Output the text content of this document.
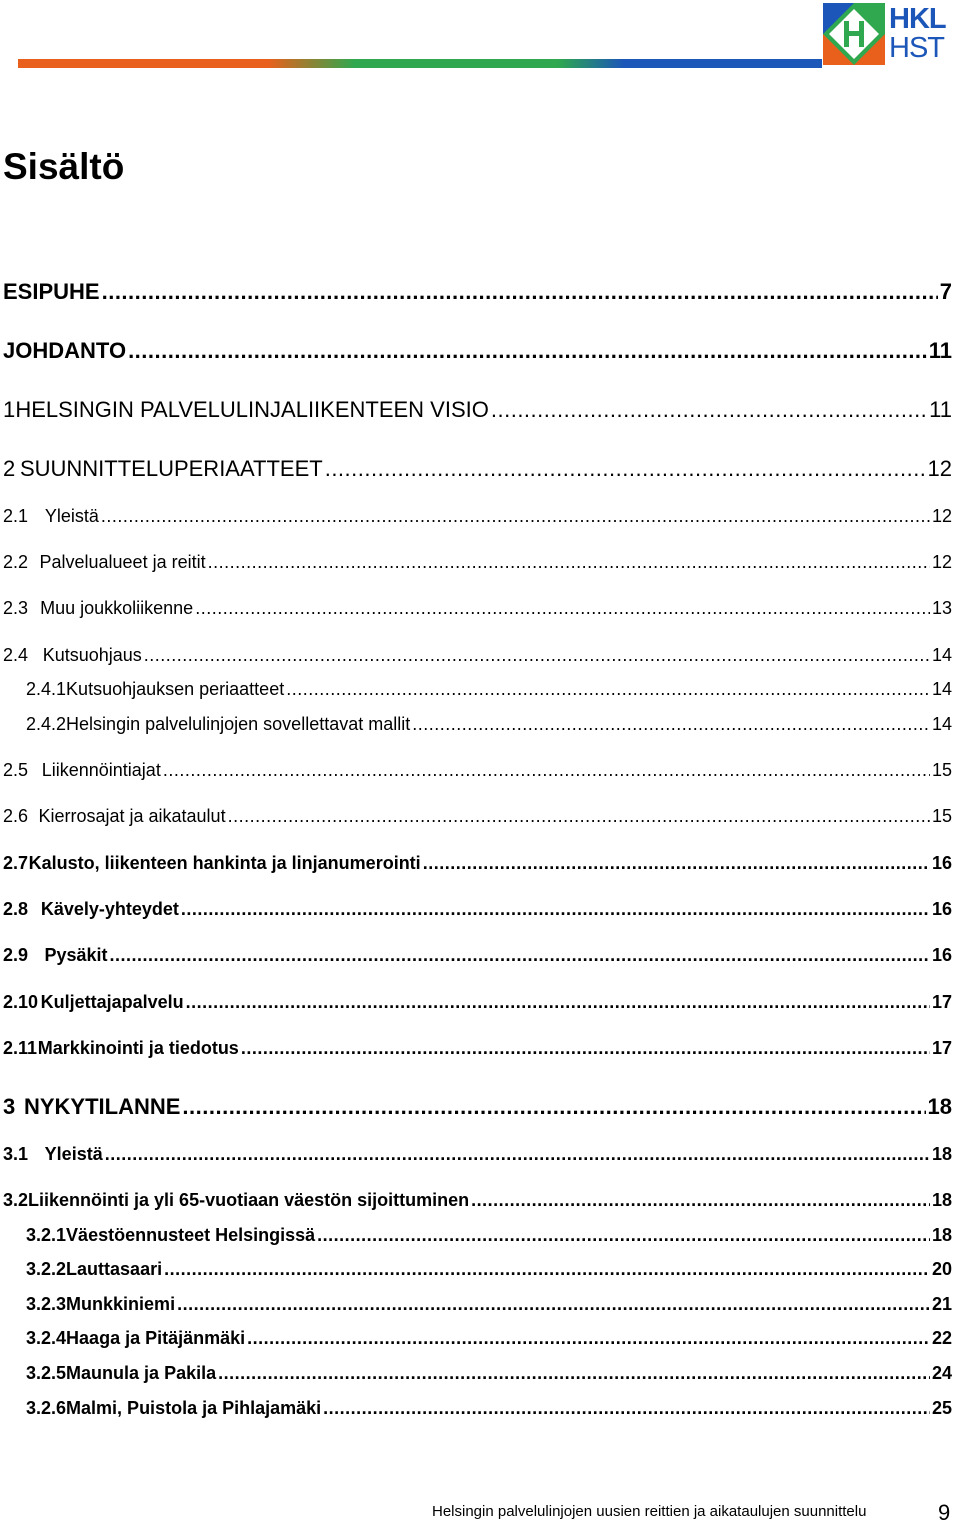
HKL
HST
Sisältö
ESIPUHE .....	7
JOHDANTO .....	11
1 HELSINGIN PALVELULINJALIIKENTEEN VISIO .....	11
2 SUUNNITTELUPERIAATTEET .....	12
2.1 Yleistä .....	12
2.2 Palvelualueet ja reitit .....	12
2.3 Muu joukkoliikenne .....	13
2.4 Kutsuohjaus .....	14
2.4.1 Kutsuohjauksen periaatteet .....	14
2.4.2 Helsingin palvelulinjojen sovellettavat mallit .....	14
2.5 Liikennöintiajat .....	15
2.6 Kierrosajat ja aikataulut .....	15
2.7 Kalusto, liikenteen hankinta ja linjanumerointi .....	16
2.8 Kävely-yhteydet .....	16
2.9 Pysäkit .....	16
2.10 Kuljettajapalvelu .....	17
2.11 Markkinointi ja tiedotus .....	17
3 NYKYTILANNE .....	18
3.1 Yleistä .....	18
3.2 Liikennöinti ja yli 65-vuotiaan väestön sijoittuminen .....	18
3.2.1 Väestöennusteet Helsingissä .....	18
3.2.2 Lauttasaari .....	20
3.2.3 Munkkiniemi .....	21
3.2.4 Haaga ja Pitäjänmäki .....	22
3.2.5 Maunula ja Pakila .....	24
3.2.6 Malmi, Puistola ja Pihlajamäki .....	25
Helsingin palvelulinjojen uusien reittien ja aikataulujen suunnittelu	9
